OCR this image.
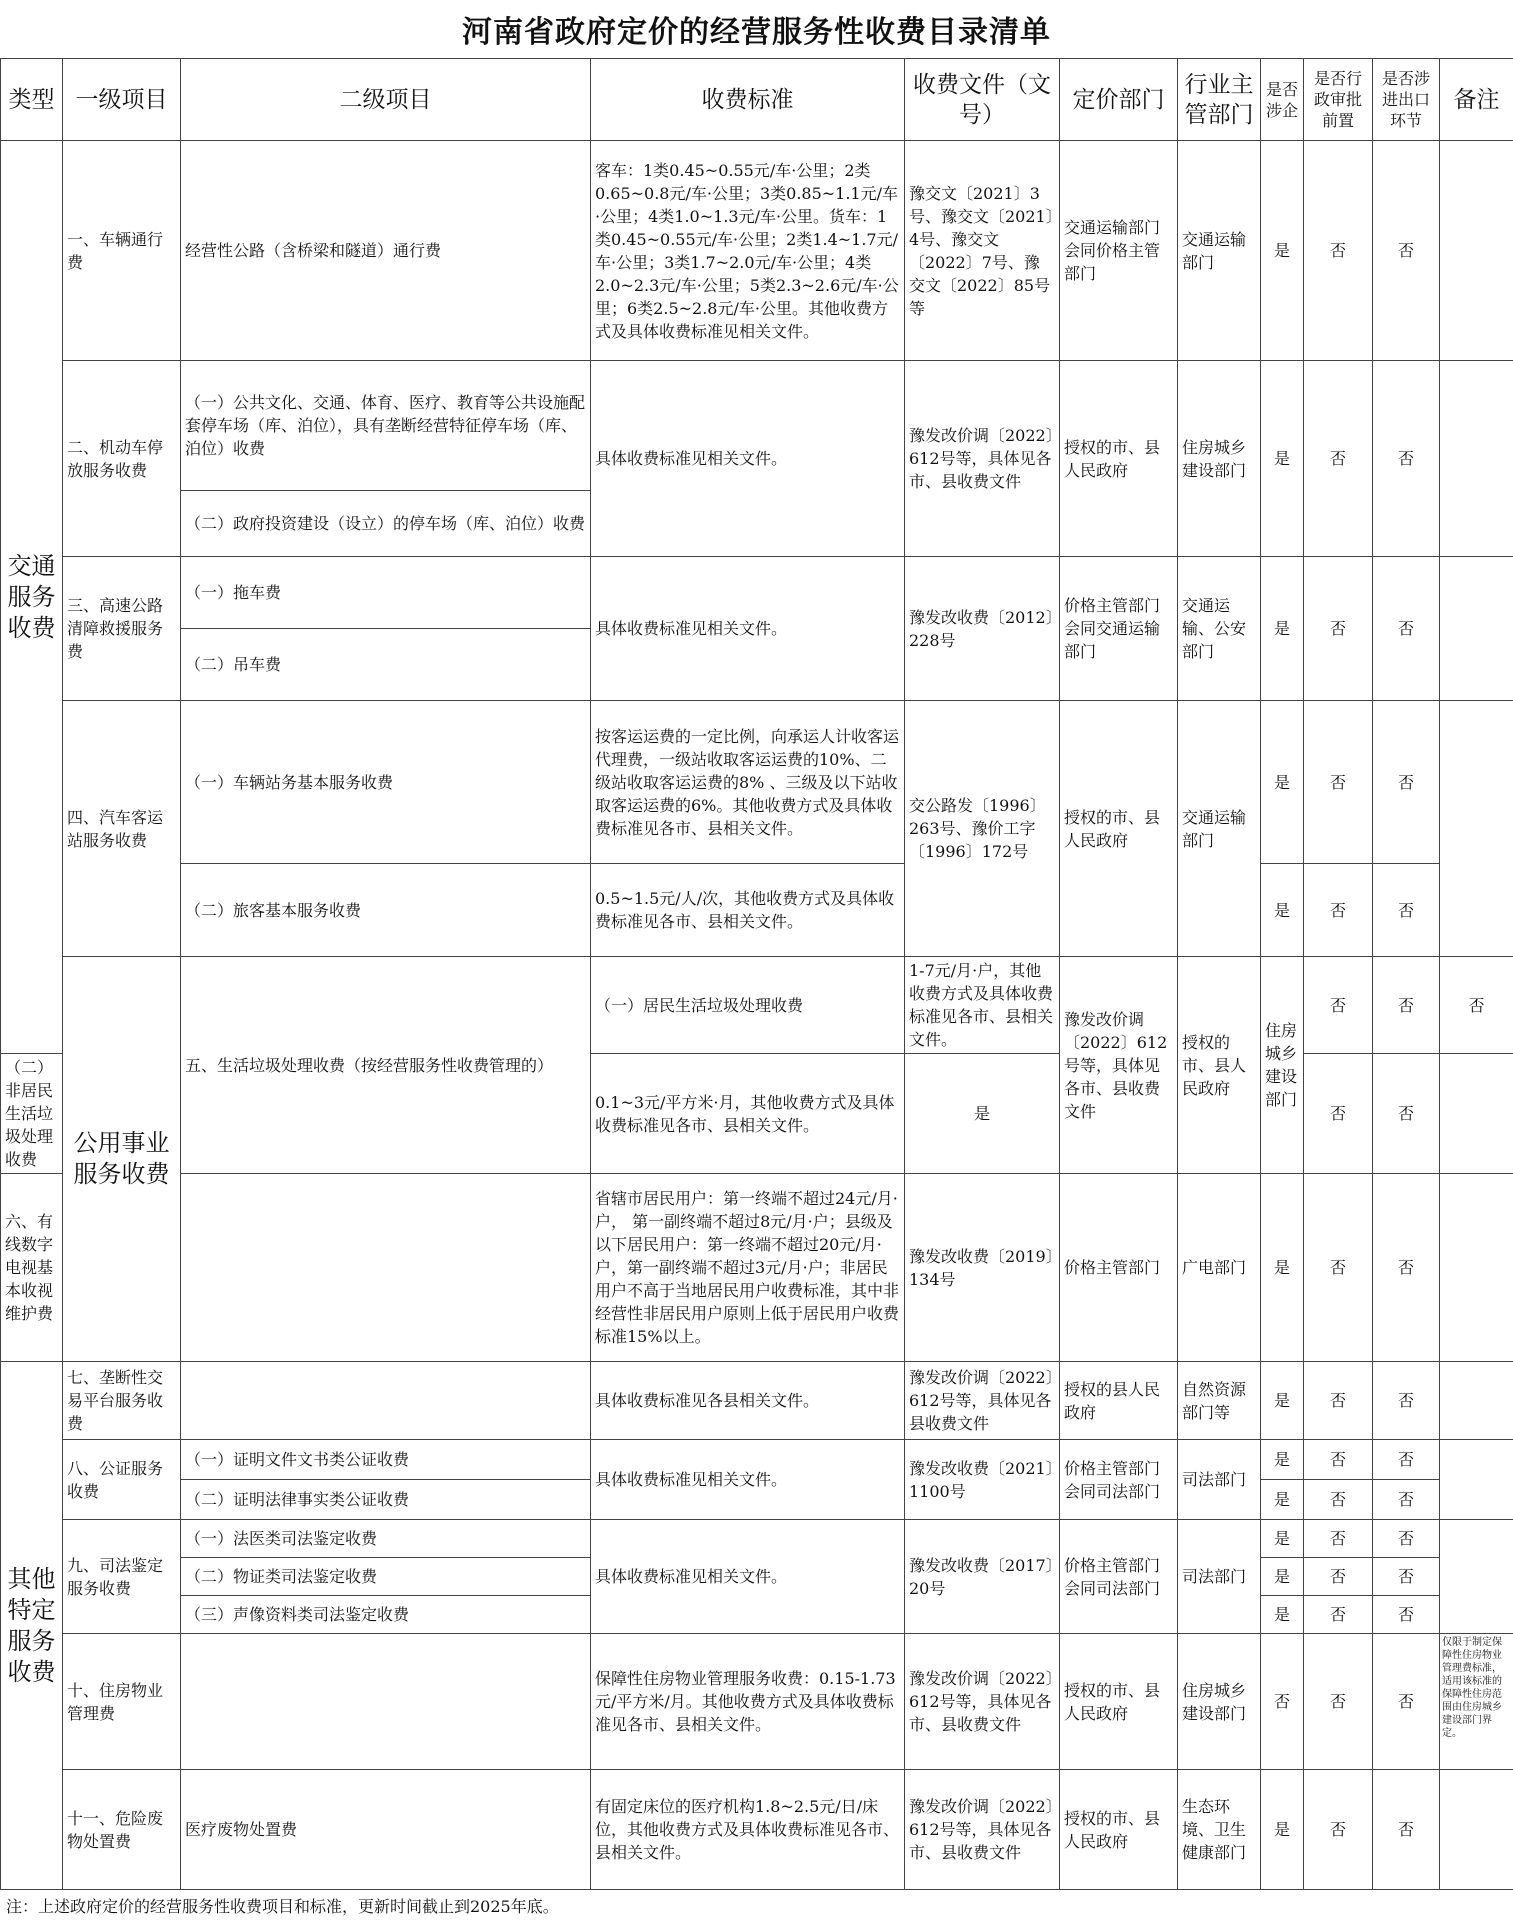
河南省政府定价的经营服务性收费目录清单
类型	一级项目	二级项目	收费标准	收费文件（文号）	定价部门	行业主管部门	是否涉企	是否行政审批前置	是否涉进出口环节	备注	
交通服务收费	一、车辆通行费	经营性公路（含桥梁和隧道）通行费	客车：1类0.45~0.55元/车·公里；2类0.65~0.8元/车·公里；3类0.85~1.1元/车·公里；4类1.0~1.3元/车·公里。货车：1类0.45~0.55元/车·公里；2类1.4~1.7元/车·公里；3类1.7~2.0元/车·公里；4类2.0~2.3元/车·公里；5类2.3~2.6元/车·公里；6类2.5~2.8元/车·公里。其他收费方式及具体收费标准见相关文件。	豫交文〔2021〕3号、豫交文〔2021〕4号、豫交文〔2022〕7号、豫交文〔2022〕85号等	交通运输部门会同价格主管部门	交通运输部门	是	否	否		
	二、机动车停放服务收费	（一）公共文化、交通、体育、医疗、教育等公共设施配套停车场（库、泊位），具有垄断经营特征停车场（库、泊位）收费	具体收费标准见相关文件。	豫发改价调〔2022〕612号等，具体见各市、县收费文件	授权的市、县人民政府	住房城乡建设部门	是	否	否		
		（二）政府投资建设（设立）的停车场（库、泊位）收费									
	三、高速公路清障救援服务费	（一）拖车费	具体收费标准见相关文件。	豫发改收费〔2012〕228号	价格主管部门会同交通运输部门	交通运输、公安部门	是	否	否		
		（二）吊车费									
	四、汽车客运站服务收费	（一）车辆站务基本服务收费	按客运运费的一定比例，向承运人计收客运代理费，一级站收取客运运费的10%、二级站收取客运运费的8% 、三级及以下站收取客运运费的6%。其他收费方式及具体收费标准见各市、县相关文件。	交公路发〔1996〕263号、豫价工字〔1996〕172号	授权的市、县人民政府	交通运输部门	是	否	否		
		（二）旅客基本服务收费	0.5~1.5元/人/次，其他收费方式及具体收费标准见各市、县相关文件。				是	否	否		
	公用事业服务收费	五、生活垃圾处理收费（按经营服务性收费管理的）	（一）居民生活垃圾处理收费	1-7元/月·户，其他收费方式及具体收费标准见各市、县相关文件。	豫发改价调〔2022〕612号等，具体见各市、县收费文件	授权的市、县人民政府	住房城乡建设部门	否	否	否	
（二）非居民生活垃圾处理收费			0.1~3元/平方米·月，其他收费方式及具体收费标准见各市、县相关文件。	是				否	否		
六、有线数字电视基本收视维护费			省辖市居民用户：第一终端不超过24元/月·户， 第一副终端不超过8元/月·户；县级及以下居民用户：第一终端不超过20元/月·户，第一副终端不超过3元/月·户；非居民用户不高于当地居民用户收费标准，其中非经营性非居民用户原则上低于居民用户收费标准15%以上。	豫发改收费〔2019〕134号	价格主管部门	广电部门	是	否	否		
其他特定服务收费	七、垄断性交易平台服务收费		具体收费标准见各县相关文件。	豫发改价调〔2022〕612号等，具体见各县收费文件	授权的县人民政府	自然资源部门等	是	否	否		
	八、公证服务收费	（一）证明文件文书类公证收费	具体收费标准见相关文件。	豫发改收费〔2021〕1100号	价格主管部门会同司法部门	司法部门	是	否	否		
		（二）证明法律事实类公证收费					是	否	否		
	九、司法鉴定服务收费	（一）法医类司法鉴定收费	具体收费标准见相关文件。	豫发改收费〔2017〕20号	价格主管部门会同司法部门	司法部门	是	否	否		
		（二）物证类司法鉴定收费					是	否	否		
		（三）声像资料类司法鉴定收费					是	否	否		
	十、住房物业管理费		保障性住房物业管理服务收费：0.15-1.73元/平方米/月。其他收费方式及具体收费标准见各市、县相关文件。	豫发改价调〔2022〕612号等，具体见各市、县收费文件	授权的市、县人民政府	住房城乡建设部门	否	否	否	仅限于制定保障性住房物业管理费标准，适用该标准的保障性住房范围由住房城乡建设部门界定。	
	十一、危险废物处置费	医疗废物处置费	有固定床位的医疗机构1.8~2.5元/日/床位，其他收费方式及具体收费标准见各市、县相关文件。	豫发改价调〔2022〕612号等，具体见各市、县收费文件	授权的市、县人民政府	生态环境、卫生健康部门	是	否	否		
注：上述政府定价的经营服务性收费项目和标准，更新时间截止到2025年底。
